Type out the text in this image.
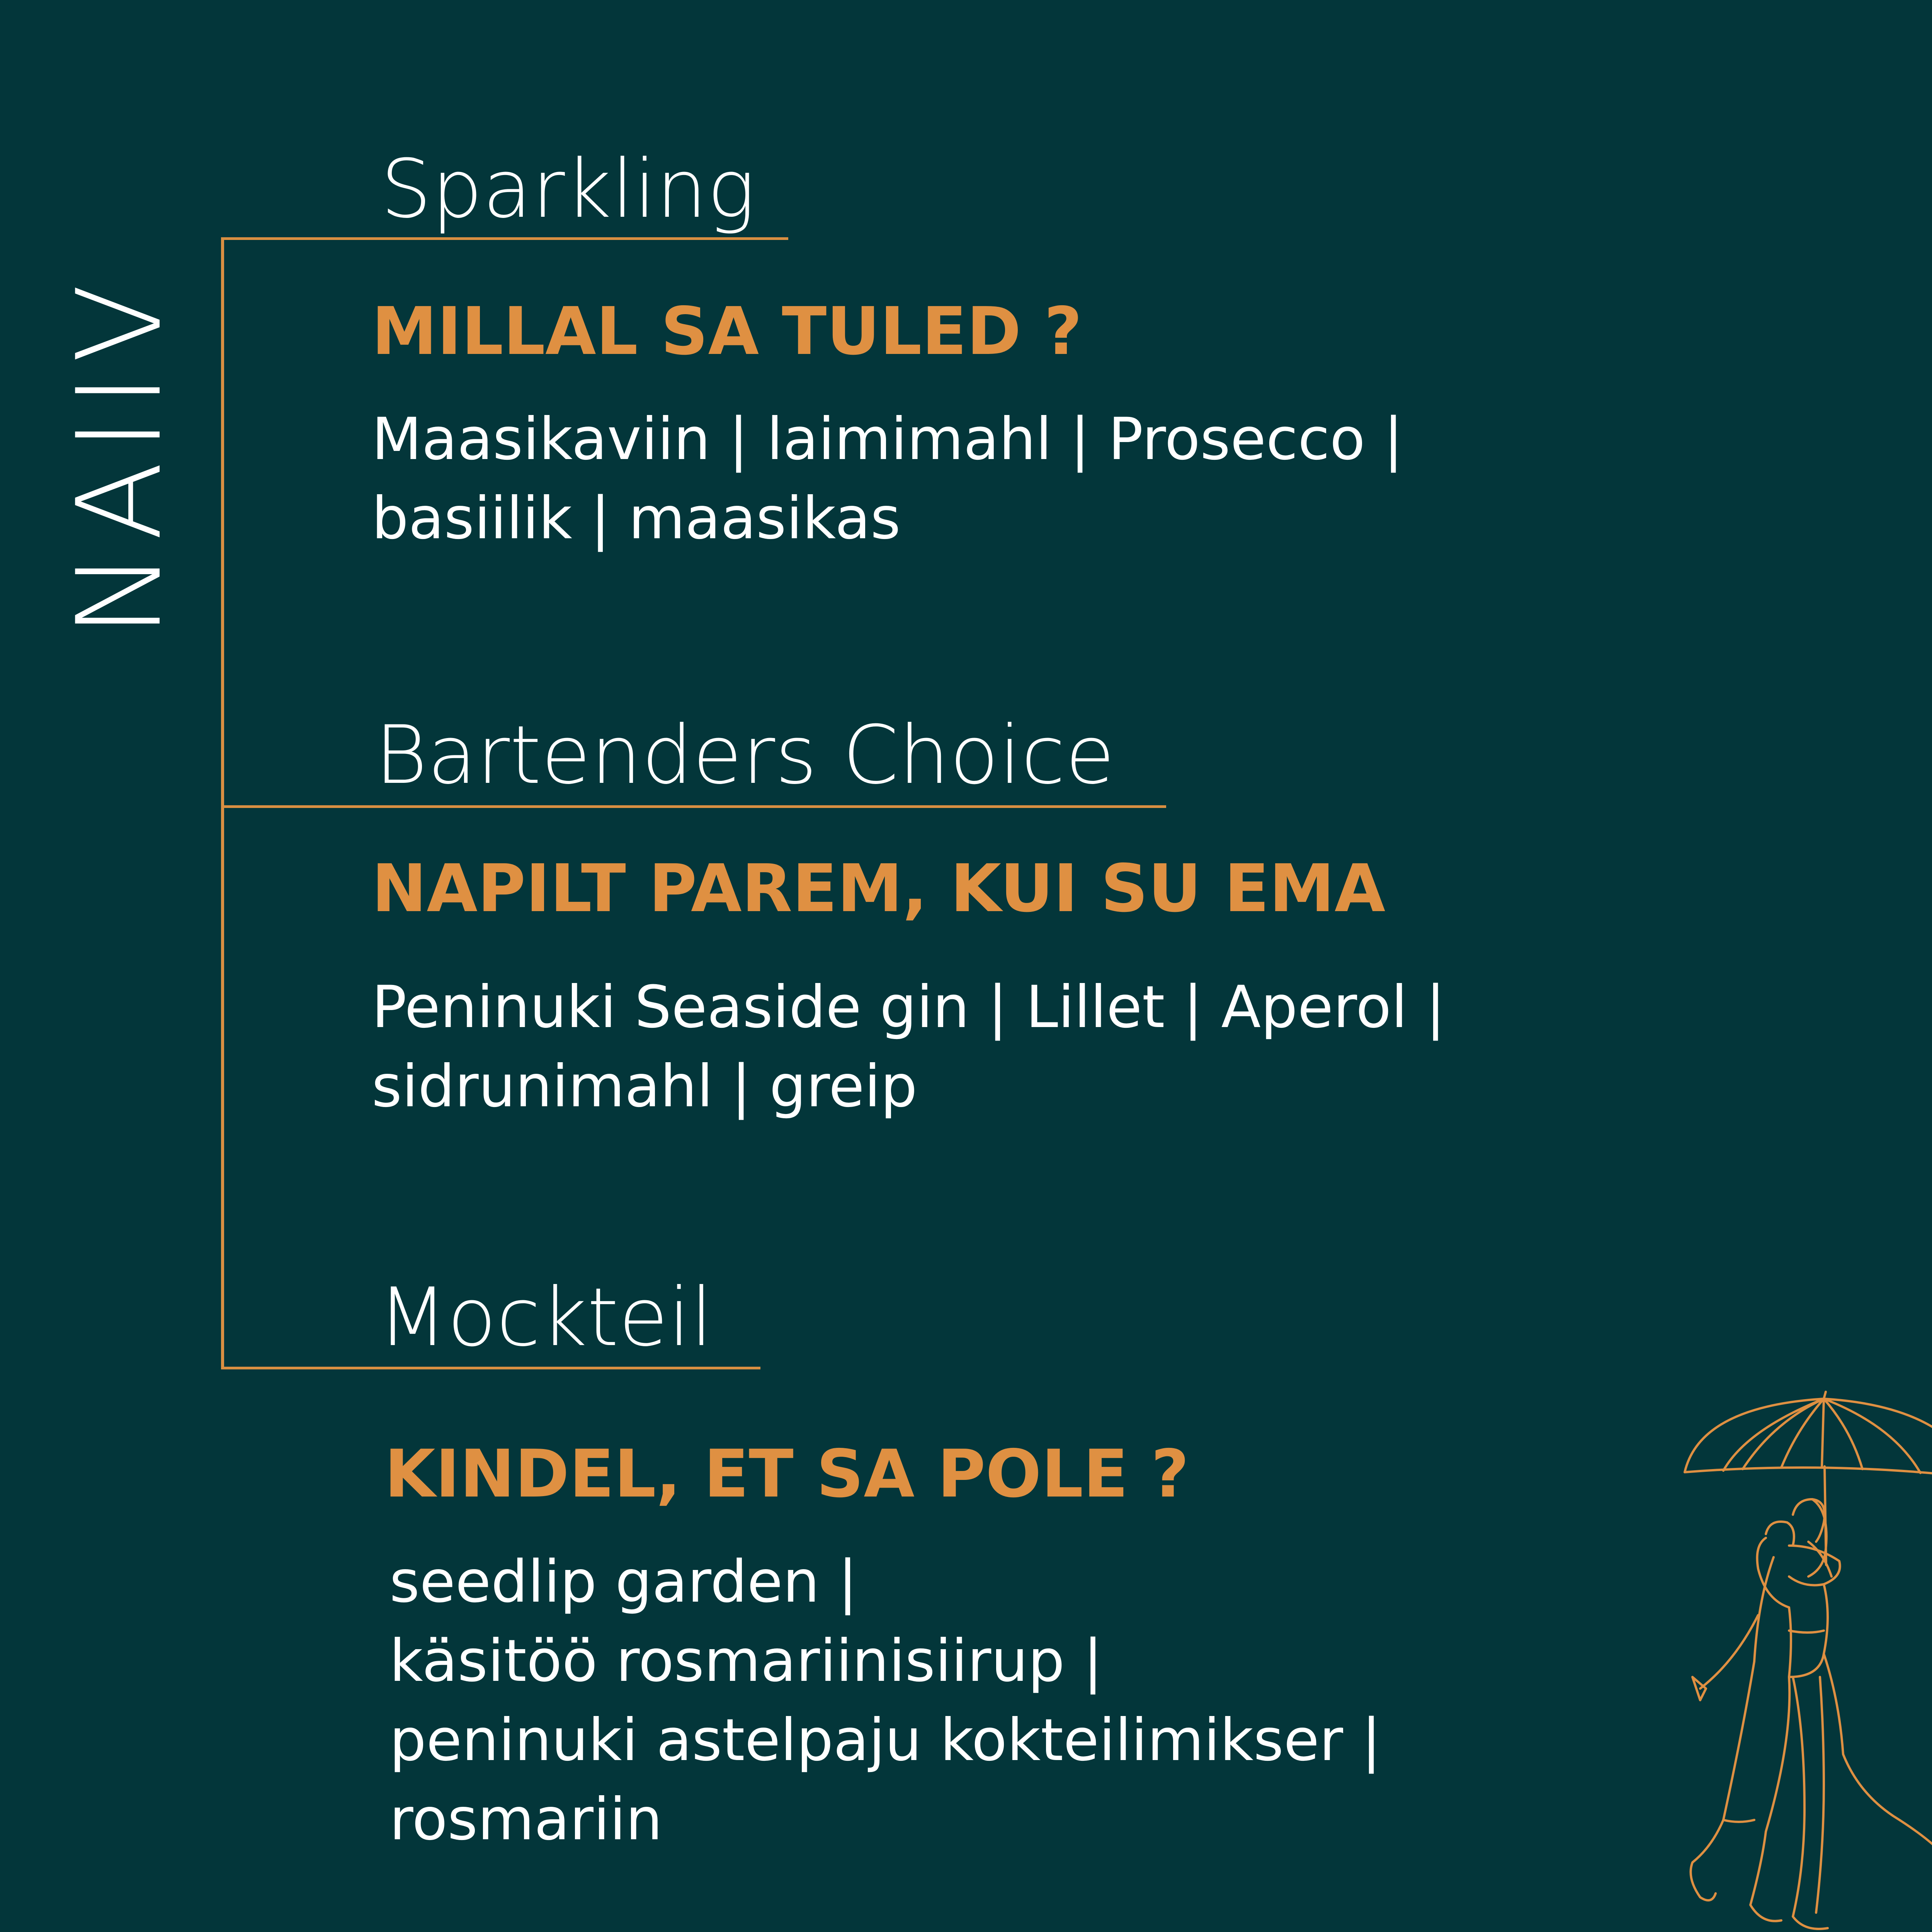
NAIIV
Sparkling
MILLAL SA TULED ?
Maasikaviin | laimimahl | Prosecco |
basiilik | maasikas
Bartenders Choice
NAPILT PAREM, KUI SU EMA
Peninuki Seaside gin | Lillet | Aperol |
sidrunimahl | greip
Mockteil
KINDEL, ET SA POLE ?
seedlip garden |
käsitöö rosmariinisiirup |
peninuki astelpaju kokteilimikser |
rosmariin
